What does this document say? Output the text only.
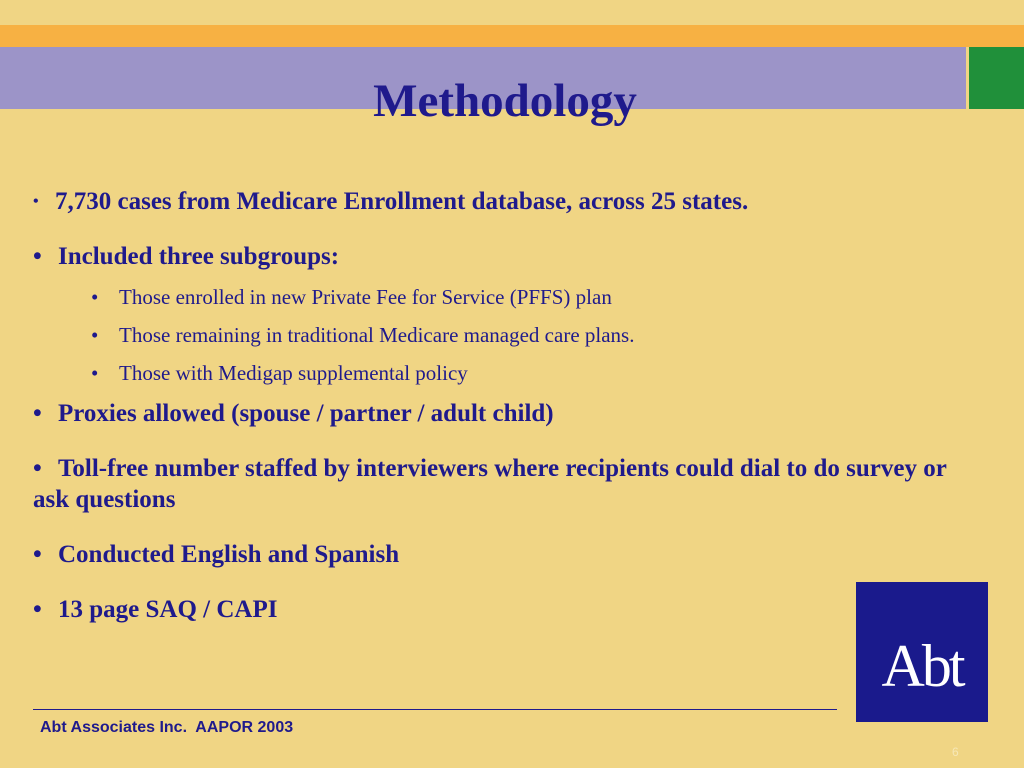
Methodology
• 7,730 cases from Medicare Enrollment database, across 25 states.
• Included three subgroups:
• Those enrolled in new Private Fee for Service (PFFS) plan
• Those remaining in traditional Medicare managed care plans.
• Those with Medigap supplemental policy
• Proxies allowed (spouse / partner / adult child)
• Toll-free number staffed by interviewers where recipients could dial to do survey or ask questions
• Conducted English and Spanish
• 13 page SAQ / CAPI
Abt Associates Inc.  AAPOR 2003
6
Abt
